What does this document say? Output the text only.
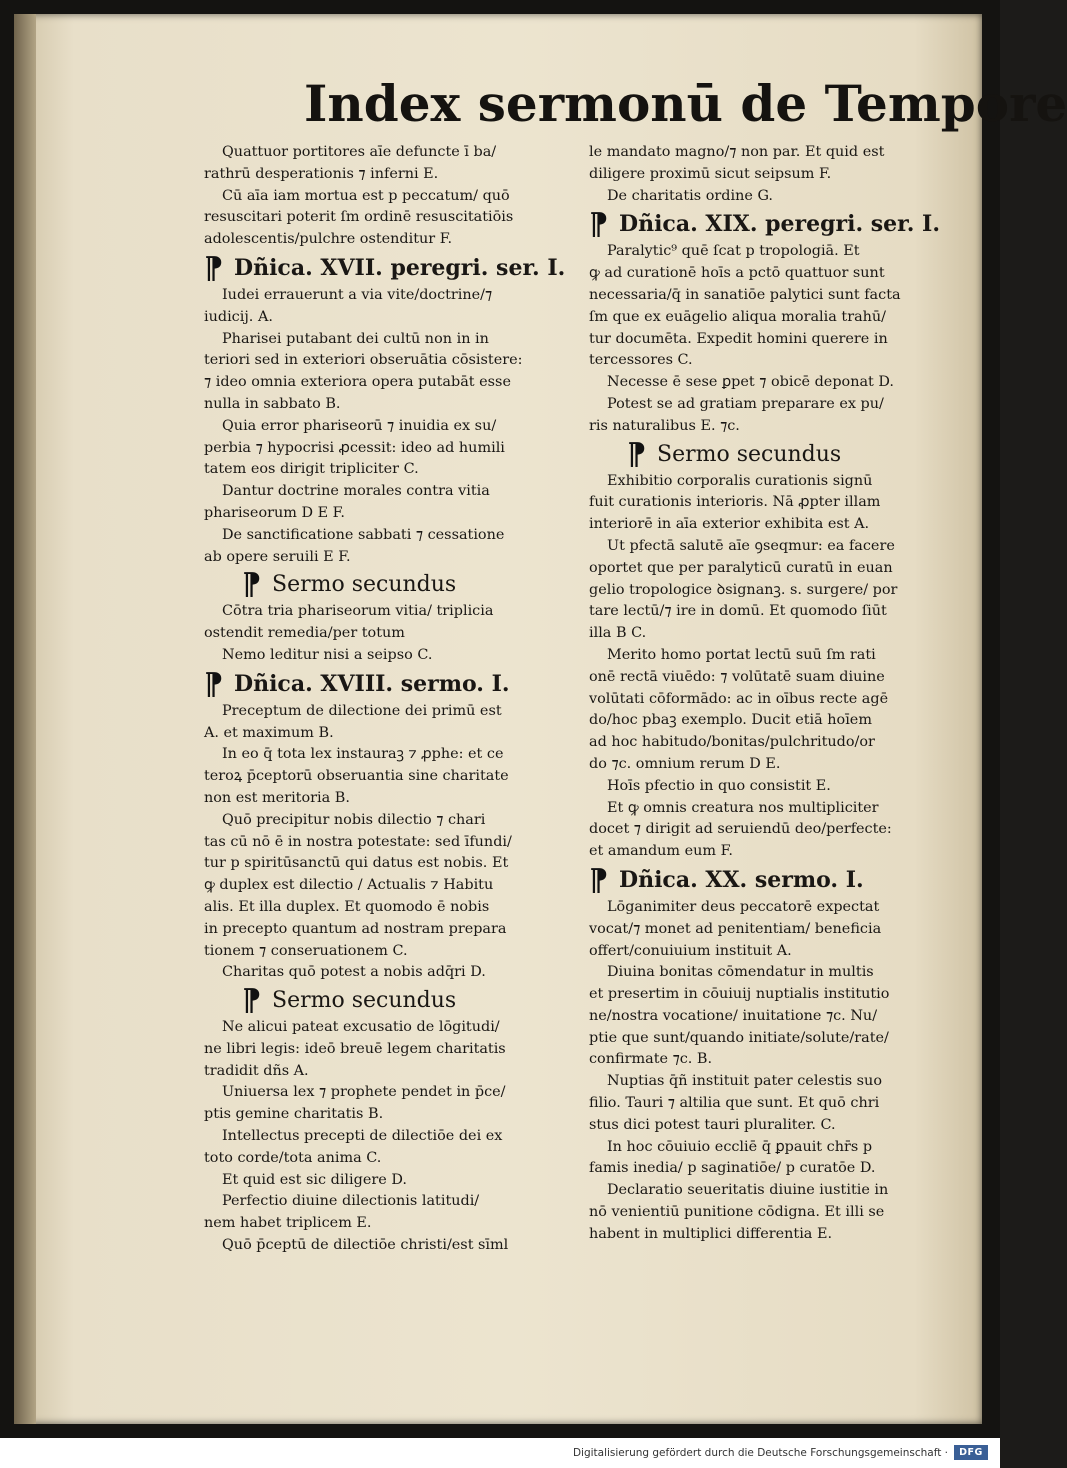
Index sermonū de Tempore
Quattuor portitores aīe defuncte ī ba/
rathrū desperationis ⁊ inferni E.
Cū aīa iam mortua est p peccatum/ quō
resuscitari poterit ſm ordinē resuscitatiōis
adolescentis/pulchre ostenditur F.
⁋ Dñica. XVII. peregri. ser. I.
Iudei errauerunt a via vite/doctrine/⁊
iudicij. A.
Pharisei putabant dei cultū non in in
teriori sed in exteriori obseruātia cōsistere:
⁊ ideo omnia exteriora opera putabāt esse
nulla in sabbato B.
Quia error phariseorū ⁊ inuidia ex su/
perbia ⁊ hypocrisi ꝓcessit: ideo ad humili
tatem eos dirigit tripliciter C.
Dantur doctrine morales contra vitia
phariseorum D E F.
De sanctificatione sabbati ⁊ cessatione
ab opere seruili E F.
⁋ Sermo secundus
Cōtra tria phariseorum vitia/ triplicia
ostendit remedia/per totum
Nemo leditur nisi a seipso C.
⁋ Dñica. XVIII. sermo. I.
Preceptum de dilectione dei primū est
A. et maximum B.
In eo q̄ tota lex instauraꝫ ⁊ ꝓphe: et ce
teroꝝ p̄ceptorū obseruantia sine charitate
non est meritoria B.
Quō precipitur nobis dilectio ⁊ chari
tas cū nō ē in nostra potestate: sed īfundi/
tur p spiritūsanctū qui datus est nobis. Et
ꝙ duplex est dilectio / Actualis ⁊ Habitu
alis. Et illa duplex. Et quomodo ē nobis
in precepto quantum ad nostram prepara
tionem ⁊ conseruationem C.
Charitas quō potest a nobis adq̄ri D.
⁋ Sermo secundus
Ne alicui pateat excusatio de lōgitudi/
ne libri legis: ideō breuē legem charitatis
tradidit dñs A.
Uniuersa lex ⁊ prophete pendet in p̄ce/
ptis gemine charitatis B.
Intellectus precepti de dilectiōe dei ex
toto corde/tota anima C.
Et quid est sic diligere D.
Perfectio diuine dilectionis latitudi/
nem habet triplicem E.
Quō p̄ceptū de dilectiōe christi/est sīml
le mandato magno/⁊ non par. Et quid est
diligere proximū sicut seipsum F.
De charitatis ordine G.
⁋ Dñica. XIX. peregri. ser. I.
Paralytic⁹ quē ſcat p tropologiā. Et
ꝙ ad curationē hoīs a pctō quattuor sunt
necessaria/q̄ in sanatiōe palytici sunt facta
ſm que ex euāgelio aliqua moralia trahū/
tur documēta. Expedit homini querere in
tercessores C.
Necesse ē sese ꝑpet ⁊ obicē deponat D.
Potest se ad gratiam preparare ex pu/
ris naturalibus E. ⁊c.
⁋ Sermo secundus
Exhibitio corporalis curationis signū
fuit curationis interioris. Nā ꝓpter illam
interiorē in aīa exterior exhibita est A.
Ut pfectā salutē aīe ꝯseqmur: ea facere
oportet que per paralyticū curatū in euan
gelio tropologice ꝺsignanꝫ. s. surgere/ por
tare lectū/⁊ ire in domū. Et quomodo ſiūt
illa B C.
Merito homo portat lectū suū ſm rati
onē rectā viuēdo: ⁊ volūtatē suam diuine
volūtati cōformādo: ac in oībus recte agē
do/hoc pbaꝫ exemplo. Ducit etiā hoīem
ad hoc habitudo/bonitas/pulchritudo/or
do ⁊c. omnium rerum D E.
Hoīs pfectio in quo consistit E.
Et ꝙ omnis creatura nos multipliciter
docet ⁊ dirigit ad seruiendū deo/perfecte:
et amandum eum F.
⁋ Dñica. XX. sermo. I.
Lōganimiter deus peccatorē expectat
vocat/⁊ monet ad penitentiam/ beneficia
offert/conuiuium instituit A.
Diuina bonitas cōmendatur in multis
et presertim in cōuiuij nuptialis institutio
ne/nostra vocatione/ inuitatione ⁊c. Nu/
ptie que sunt/quando initiate/solute/rate/
confirmate ⁊c. B.
Nuptias q̄ñ instituit pater celestis suo
filio. Tauri ⁊ altilia que sunt. Et quō chri
stus dici potest tauri pluraliter. C.
In hoc cōuiuio eccliē q̄ ꝑpauit chr̄s p
famis inedia/ p saginatiōe/ p curatōe D.
Declaratio seueritatis diuine iustitie in
nō venientiū punitione cōdigna. Et illi se
habent in multiplici differentia E.
Digitalisierung gefördert durch die Deutsche Forschungsgemeinschaft ·	DFG
